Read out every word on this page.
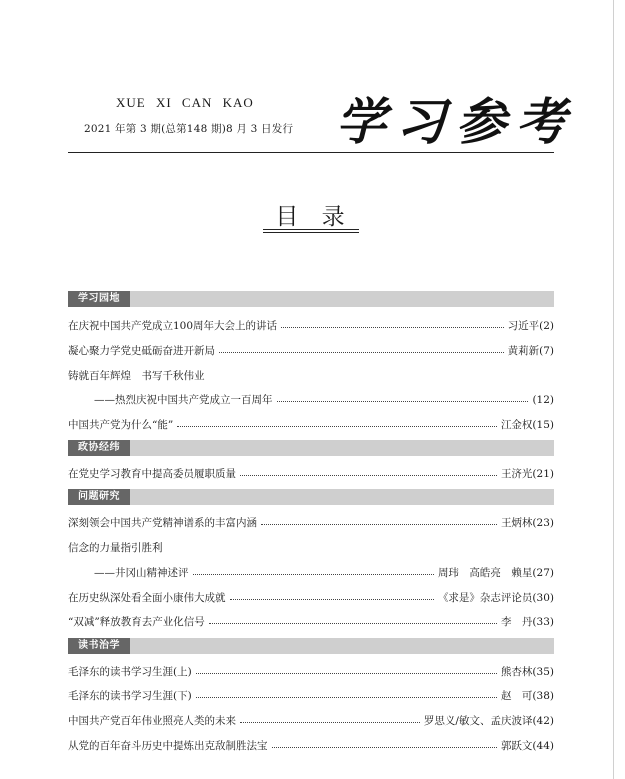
XUE XI CAN KAO
2021 年第 3 期(总第148 期)8 月 3 日发行 学习参考
目 录
学习园地
在庆祝中国共产党成立100周年大会上的讲话	习近平(2)
凝心聚力学党史砥砺奋进开新局	黄莉新(7)
铸就百年辉煌　书写千秋伟业
——热烈庆祝中国共产党成立一百周年	(12)
中国共产党为什么“能”	江金权(15)
政协经纬
在党史学习教育中提高委员履职质量	王济光(21)
问题研究
深刻领会中国共产党精神谱系的丰富内涵	王炳林(23)
信念的力量指引胜利
——井冈山精神述评	周玮　高皓亮　赖星(27)
在历史纵深处看全面小康伟大成就	《求是》杂志评论员(30)
“双减”释放教育去产业化信号	李　丹(33)
读书治学
毛泽东的读书学习生涯(上)	熊杏林(35)
毛泽东的读书学习生涯(下)	赵　可(38)
中国共产党百年伟业照亮人类的未来	罗思义/敏文、孟庆波译(42)
从党的百年奋斗历史中提炼出克敌制胜法宝	郭跃文(44)
